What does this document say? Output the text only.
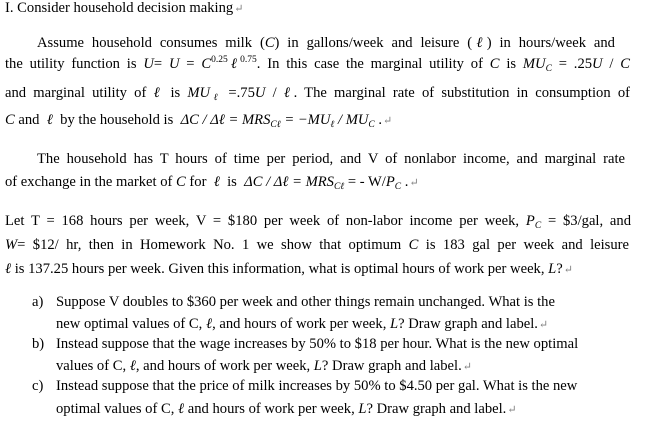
I. Consider household decision making↵
Assume household consumes milk (C) in gallons/week and leisure (ℓ) in hours/week and
the utility function is $U= U = C^{0.25}\ell^{0.75}$. In this case the marginal utility of C is $MU_C = .25U / C$
and marginal utility of ℓ is $MU_\ell =.75U$ / ℓ. The marginal rate of substitution in consumption of
C and ℓ by the household is ΔC / Δℓ = $MRS_{C\ell} = -MU_\ell / MU_C$ .↵
The household has T hours of time per period, and V of nonlabor income, and marginal rate
of exchange in the market of C for ℓ is ΔC / Δℓ = $MRS_{C\ell}$ = - $W/P_C$ .↵
Let T = 168 hours per week, V = $180 per week of non-labor income per week, $P_C$ = $3/gal, and
W= $12/ hr, then in Homework No. 1 we show that optimum C is 183 gal per week and leisure
ℓ is 137.25 hours per week. Given this information, what is optimal hours of work per week, L?↵
a) Suppose V doubles to $360 per week and other things remain unchanged. What is the
new optimal values of C, ℓ, and hours of work per week, L? Draw graph and label.↵
b) Instead suppose that the wage increases by 50% to $18 per hour. What is the new optimal
values of C, ℓ, and hours of work per week, L? Draw graph and label.↵
c) Instead suppose that the price of milk increases by 50% to $4.50 per gal. What is the new
optimal values of C, ℓ and hours of work per week, L? Draw graph and label.↵
